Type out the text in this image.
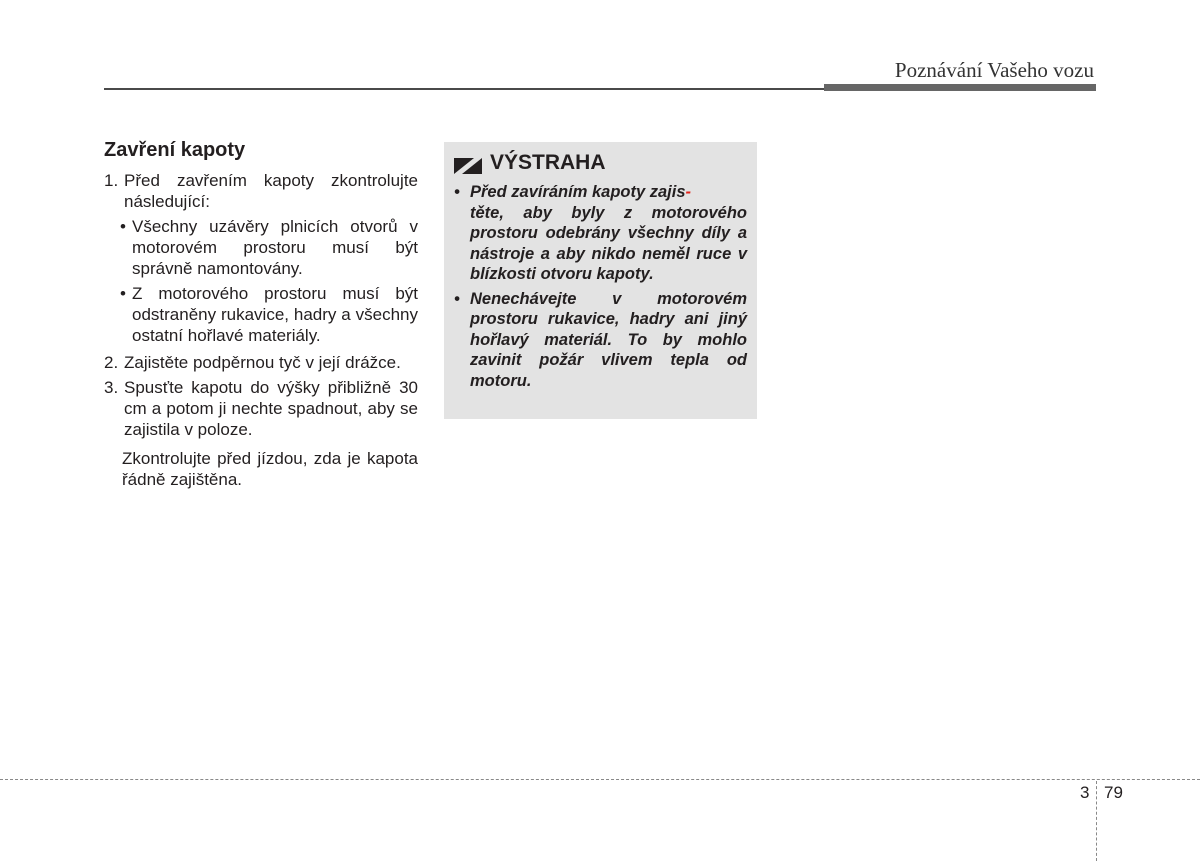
Poznávání Vašeho vozu
Zavření kapoty
1. Před zavřením kapoty zkontrolujte následující:
• Všechny uzávěry plnicích otvorů v motorovém prostoru musí být správně namontovány.
• Z motorového prostoru musí být odstraněny rukavice, hadry a všechny ostatní hořlavé materiály.
2. Zajistěte podpěrnou tyč v její drážce.
3. Spusťte kapotu do výšky přibližně 30 cm a potom ji nechte spadnout, aby se zajistila v poloze.
Zkontrolujte před jízdou, zda je kapota řádně zajištěna.
VÝSTRAHA
• Před zavíráním kapoty zajis-
těte, aby byly z motorového prostoru odebrány všechny díly a nástroje a aby nikdo neměl ruce v blízkosti otvoru kapoty.
• Nenechávejte v motorovém prostoru rukavice, hadry ani jiný hořlavý materiál. To by mohlo zavinit požár vlivem tepla od motoru.
3 79
